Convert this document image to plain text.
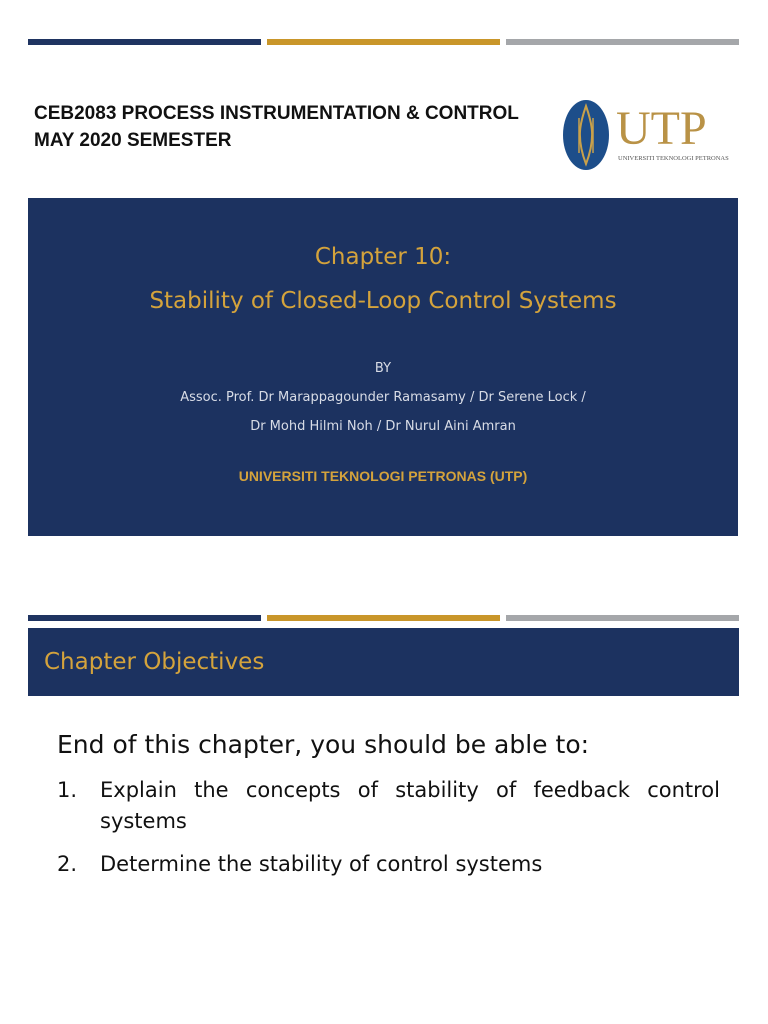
CEB2083 PROCESS INSTRUMENTATION & CONTROL
MAY 2020 SEMESTER	UTP
UNIVERSITI TEKNOLOGI PETRONAS
Chapter 10:
Stability of Closed-Loop Control Systems
BY
Assoc. Prof. Dr Marappagounder Ramasamy / Dr Serene Lock /
Dr Mohd Hilmi Noh / Dr Nurul Aini Amran
UNIVERSITI TEKNOLOGI PETRONAS (UTP)
Chapter Objectives
End of this chapter, you should be able to:
1. Explain the concepts of stability of feedback control systems
2. Determine the stability of control systems
